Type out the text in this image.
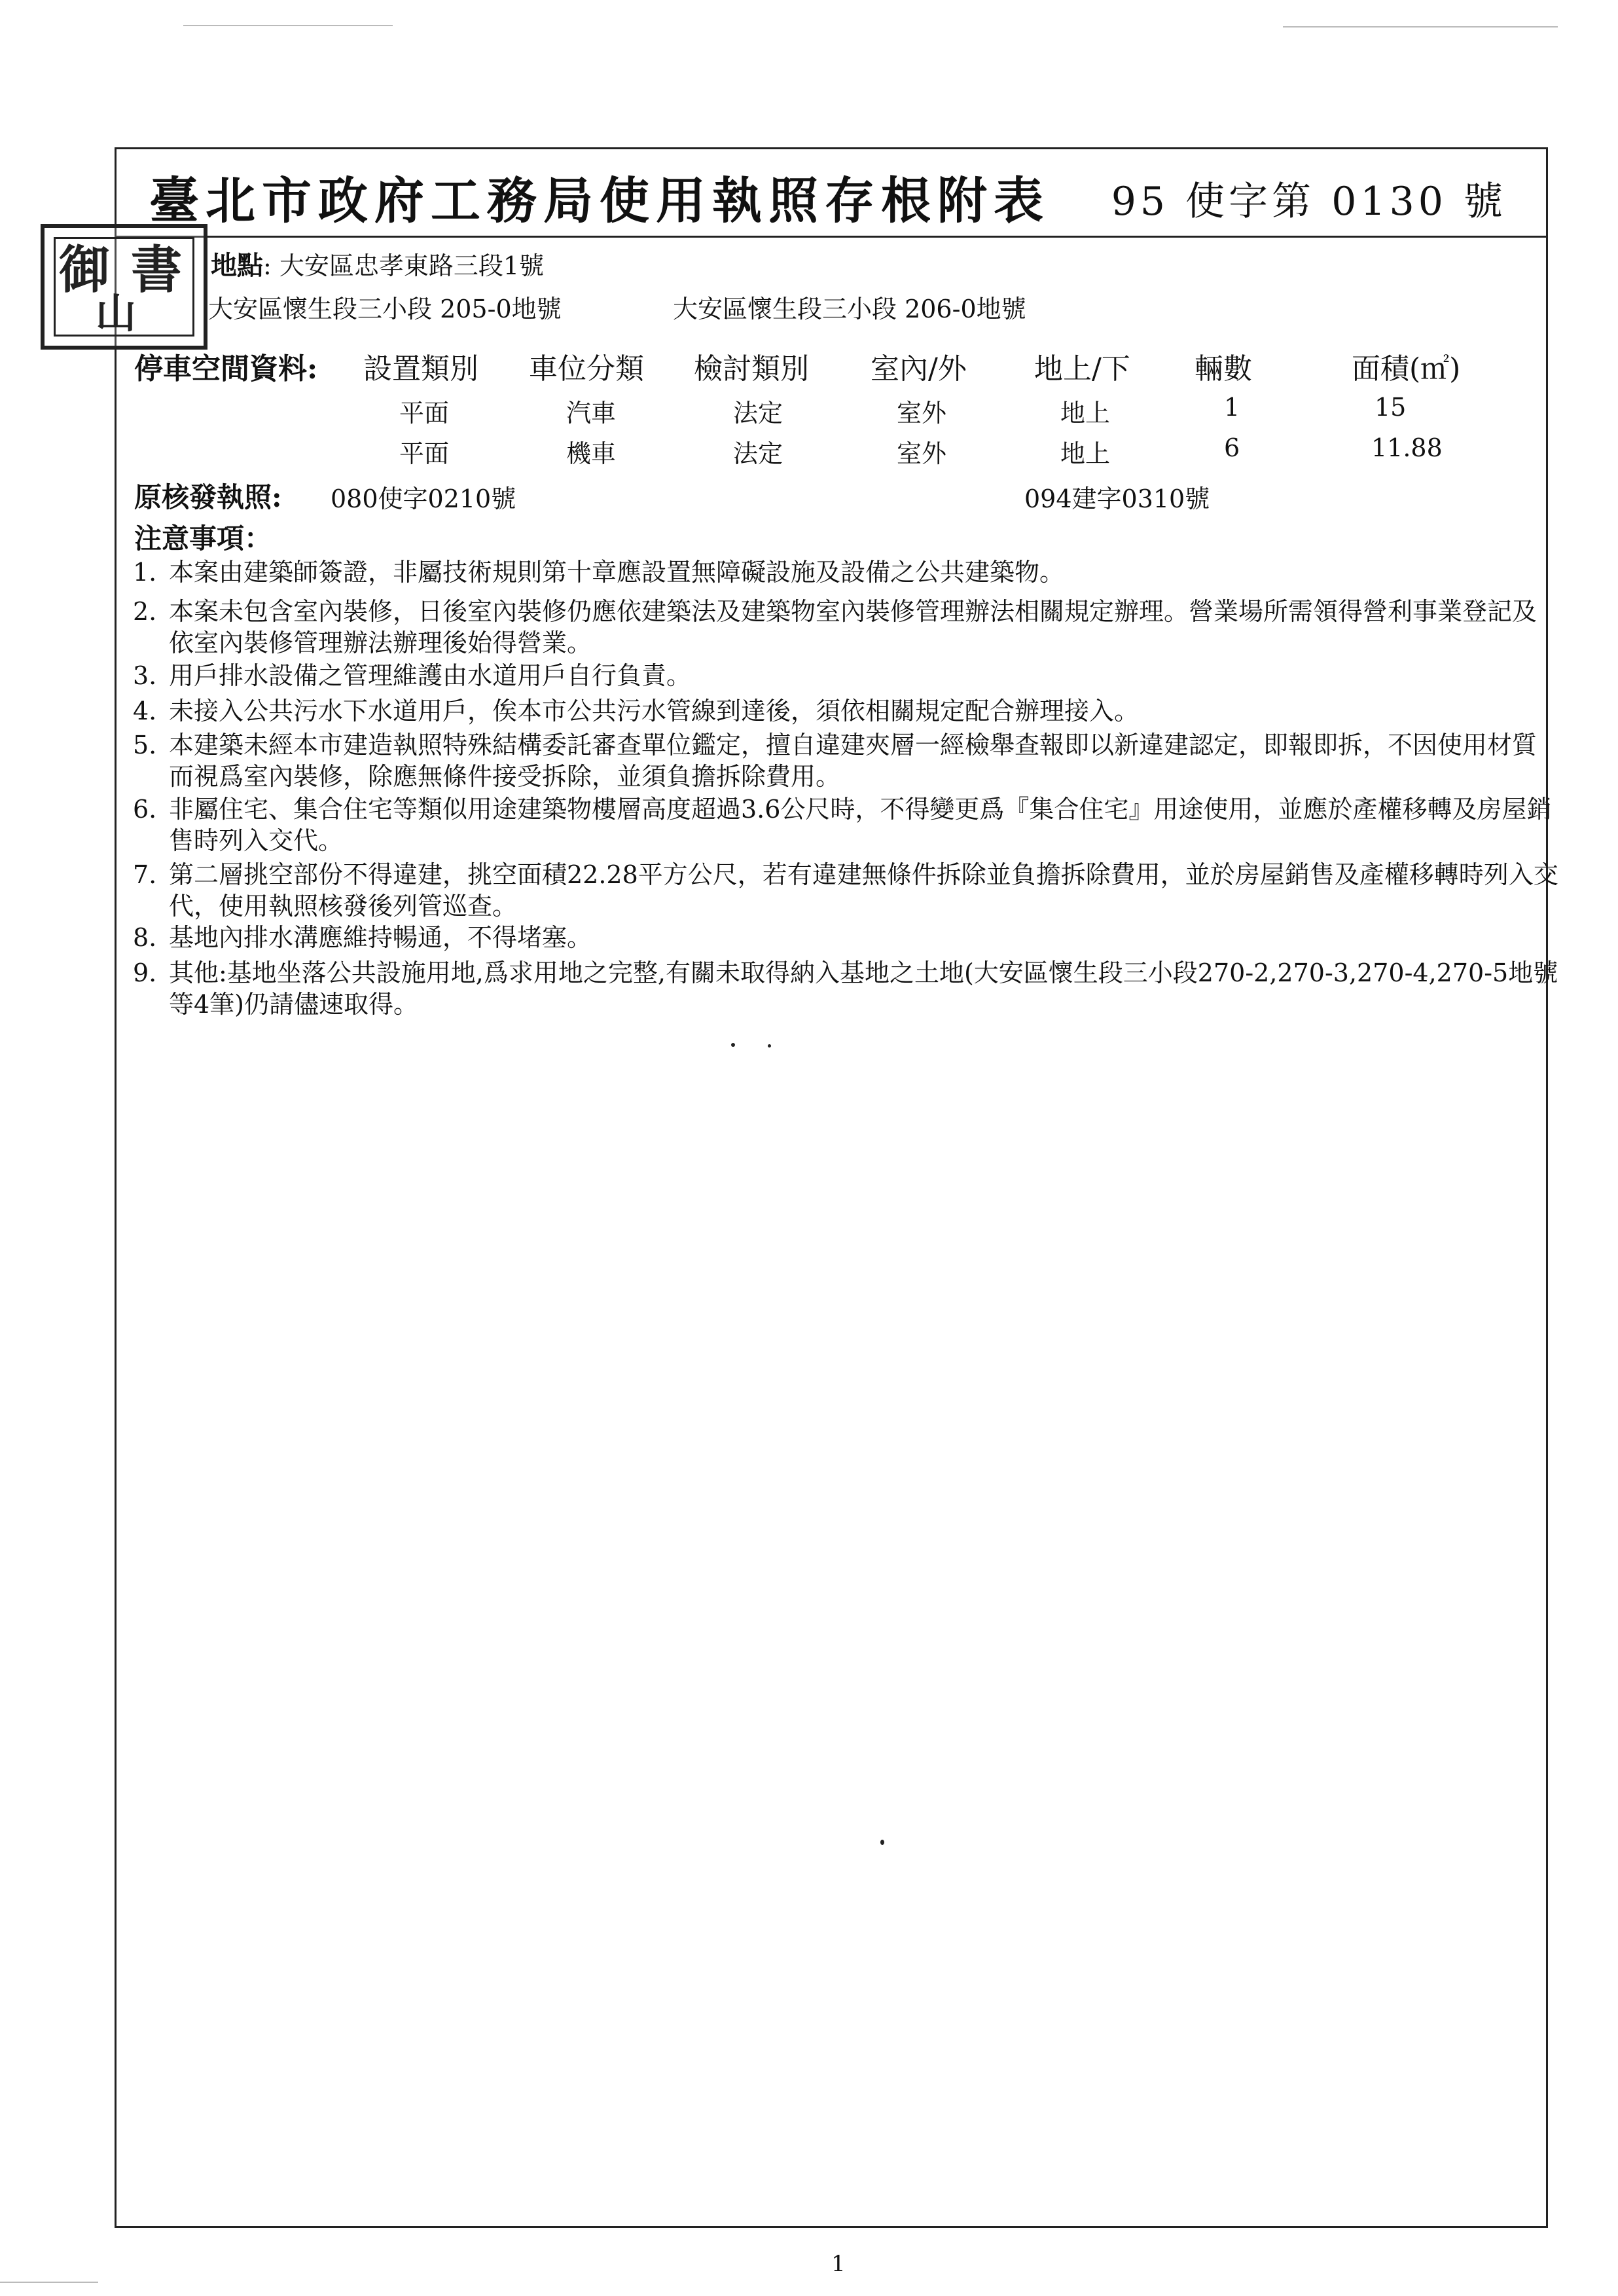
臺北市政府工務局使用執照存根附表 95 使字第 0130 號
御 書
山
地點: 大安區忠孝東路三段1號
大安區懷生段三小段 205-0地號	大安區懷生段三小段 206-0地號
停車空間資料: 設置類別 車位分類 檢討類別 室內/外 地上/下 輛數	面積(㎡)
平面	汽車	法定	室外	地上	1	15
平面	機車	法定	室外	地上	6	11.88
原核發執照: 080使字0210號	094建字0310號
注意事項：
1. 本案由建築師簽證，非屬技術規則第十章應設置無障礙設施及設備之公共建築物。
2. 本案未包含室內裝修，日後室內裝修仍應依建築法及建築物室內裝修管理辦法相關規定辦理。營業場所需領得營利事業登記及依室內裝修管理辦法辦理後始得營業。
3. 用戶排水設備之管理維護由水道用戶自行負責。
4. 未接入公共污水下水道用戶，俟本市公共污水管線到達後，須依相關規定配合辦理接入。
5. 本建築未經本市建造執照特殊結構委託審查單位鑑定，擅自違建夾層一經檢舉查報即以新違建認定，即報即拆，不因使用材質而視爲室內裝修，除應無條件接受拆除，並須負擔拆除費用。
6. 非屬住宅、集合住宅等類似用途建築物樓層高度超過3.6公尺時，不得變更爲『集合住宅』用途使用，並應於產權移轉及房屋銷售時列入交代。
7. 第二層挑空部份不得違建，挑空面積22.28平方公尺，若有違建無條件拆除並負擔拆除費用，並於房屋銷售及產權移轉時列入交代，使用執照核發後列管巡查。
8. 基地內排水溝應維持暢通，不得堵塞。
9. 其他:基地坐落公共設施用地,爲求用地之完整,有關未取得納入基地之土地(大安區懷生段三小段270-2,270-3,270-4,270-5地號等4筆)仍請儘速取得。
1
